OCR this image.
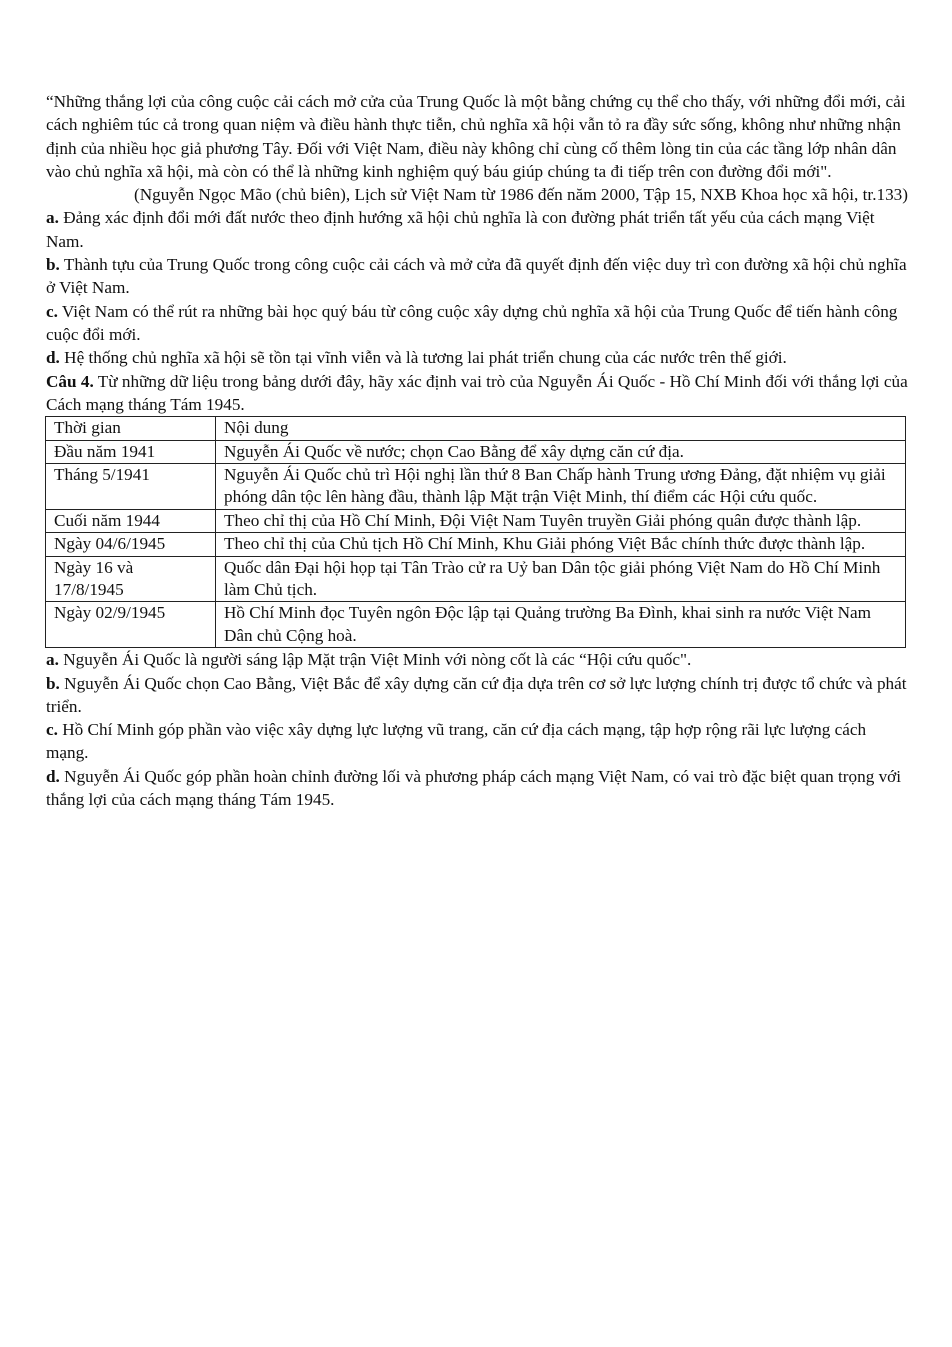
“Những thắng lợi của công cuộc cải cách mở cửa của Trung Quốc là một bằng chứng cụ thể cho thấy, với những đổi mới, cải cách nghiêm túc cả trong quan niệm và điều hành thực tiễn, chủ nghĩa xã hội vẫn tỏ ra đầy sức sống, không như những nhận định của nhiều học giả phương Tây. Đối với Việt Nam, điều này không chỉ cùng cố thêm lòng tin của các tầng lớp nhân dân vào chủ nghĩa xã hội, mà còn có thể là những kinh nghiệm quý báu giúp chúng ta đi tiếp trên con đường đổi mới".

(Nguyễn Ngọc Mão (chủ biên), Lịch sử Việt Nam từ 1986 đến năm 2000, Tập 15, NXB Khoa học xã hội, tr.133)

a. Đảng xác định đổi mới đất nước theo định hướng xã hội chủ nghĩa là con đường phát triển tất yếu của cách mạng Việt Nam.

b. Thành tựu của Trung Quốc trong công cuộc cải cách và mở cửa đã quyết định đến việc duy trì con đường xã hội chủ nghĩa ở Việt Nam.

c. Việt Nam có thể rút ra những bài học quý báu từ công cuộc xây dựng chủ nghĩa xã hội của Trung Quốc để tiến hành công cuộc đổi mới.

d. Hệ thống chủ nghĩa xã hội sẽ tồn tại vĩnh viễn và là tương lai phát triển chung của các nước trên thế giới.

Câu 4. Từ những dữ liệu trong bảng dưới đây, hãy xác định vai trò của Nguyễn Ái Quốc - Hồ Chí Minh đối với thắng lợi của Cách mạng tháng Tám 1945.

Thời gian	Nội dung
Đầu năm 1941	Nguyễn Ái Quốc về nước; chọn Cao Bằng để xây dựng căn cứ địa.
Tháng 5/1941	Nguyễn Ái Quốc chủ trì Hội nghị lần thứ 8 Ban Chấp hành Trung ương Đảng, đặt nhiệm vụ giải phóng dân tộc lên hàng đầu, thành lập Mặt trận Việt Minh, thí điểm các Hội cứu quốc.
Cuối năm 1944	Theo chỉ thị của Hồ Chí Minh, Đội Việt Nam Tuyên truyền Giải phóng quân được thành lập.
Ngày 04/6/1945	Theo chỉ thị của Chủ tịch Hồ Chí Minh, Khu Giải phóng Việt Bắc chính thức được thành lập.
Ngày 16 và 17/8/1945	Quốc dân Đại hội họp tại Tân Trào cử ra Uỷ ban Dân tộc giải phóng Việt Nam do Hồ Chí Minh làm Chủ tịch.
Ngày 02/9/1945	Hồ Chí Minh đọc Tuyên ngôn Độc lập tại Quảng trường Ba Đình, khai sinh ra nước Việt Nam Dân chủ Cộng hoà.

a. Nguyễn Ái Quốc là người sáng lập Mặt trận Việt Minh với nòng cốt là các “Hội cứu quốc".

b. Nguyễn Ái Quốc chọn Cao Bằng, Việt Bắc để xây dựng căn cứ địa dựa trên cơ sở lực lượng chính trị được tổ chức và phát triển.

c. Hồ Chí Minh góp phần vào việc xây dựng lực lượng vũ trang, căn cứ địa cách mạng, tập hợp rộng rãi lực lượng cách mạng.

d. Nguyễn Ái Quốc góp phần hoàn chỉnh đường lối và phương pháp cách mạng Việt Nam, có vai trò đặc biệt quan trọng với thắng lợi của cách mạng tháng Tám 1945.
